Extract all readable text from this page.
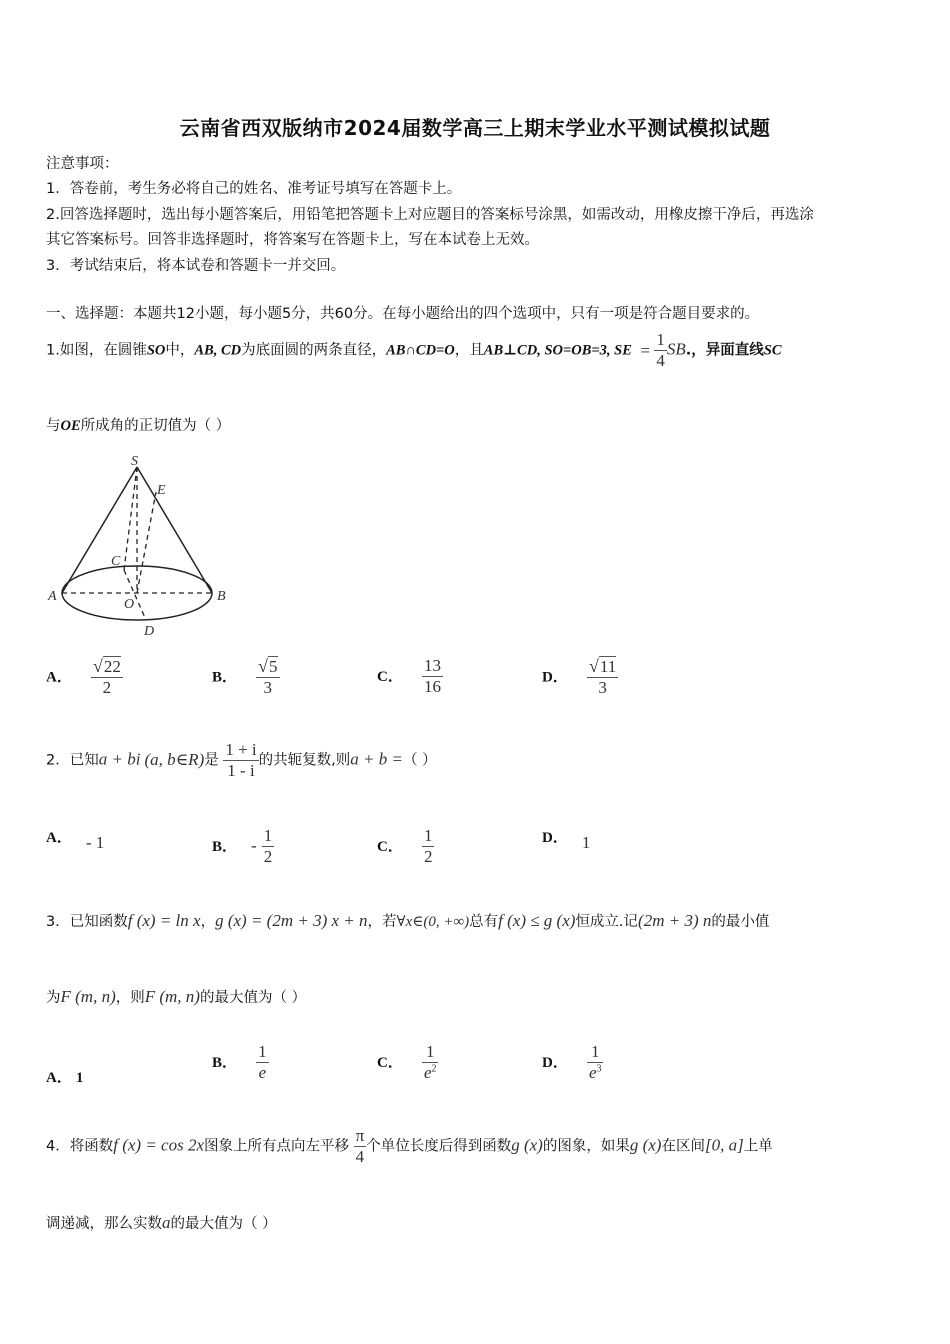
云南省西双版纳市2024届数学高三上期末学业水平测试模拟试题
注意事项：
1．答卷前，考生务必将自己的姓名、准考证号填写在答题卡上。
2.回答选择题时，选出每小题答案后，用铅笔把答题卡上对应题目的答案标号涂黑，如需改动，用橡皮擦干净后，再选涂
其它答案标号。回答非选择题时，将答案写在答题卡上，写在本试卷上无效。
3．考试结束后，将本试卷和答题卡一并交回。
一、选择题：本题共12小题，每小题5分，共60分。在每小题给出的四个选项中，只有一项是符合题目要求的。
1.如图，在圆锥SO中，AB, CD为底面圆的两条直径，AB∩CD=O，且AB⊥CD, SO=OB=3, SE = $\frac{1}{4}$ SB.，异面直线SC
与OE所成角的正切值为（ ）
S
E
C
A
O
B
D
A． $\frac{√22}{2}$	B． $\frac{√5}{3}$	C． $\frac{13}{16}$	D． $\frac{√11}{3}$
2．已知a + bi (a, b∈R)是 $\frac{1 + i}{1 - i}$ 的共轭复数,则a + b =（ ）
A． - 1	B． - $\frac{1}{2}$	C． $\frac{1}{2}$	D． 1
3．已知函数f (x) = ln x，g (x) = (2m + 3) x + n，若∀x∈(0, +∞)总有f (x) ≤ g (x)恒成立.记(2m + 3) n的最小值
为F (m, n)，则F (m, n)的最大值为（ ）
A． 1
B． $\frac{1}{e}$	C． $\frac{1}{e^2}$	D． $\frac{1}{e^3}$
4．将函数f (x) = cos 2x图象上所有点向左平移 $\frac{\pi}{4}$ 个单位长度后得到函数g (x)的图象，如果g (x)在区间[0, a]上单
调递减，那么实数a的最大值为（ ）
